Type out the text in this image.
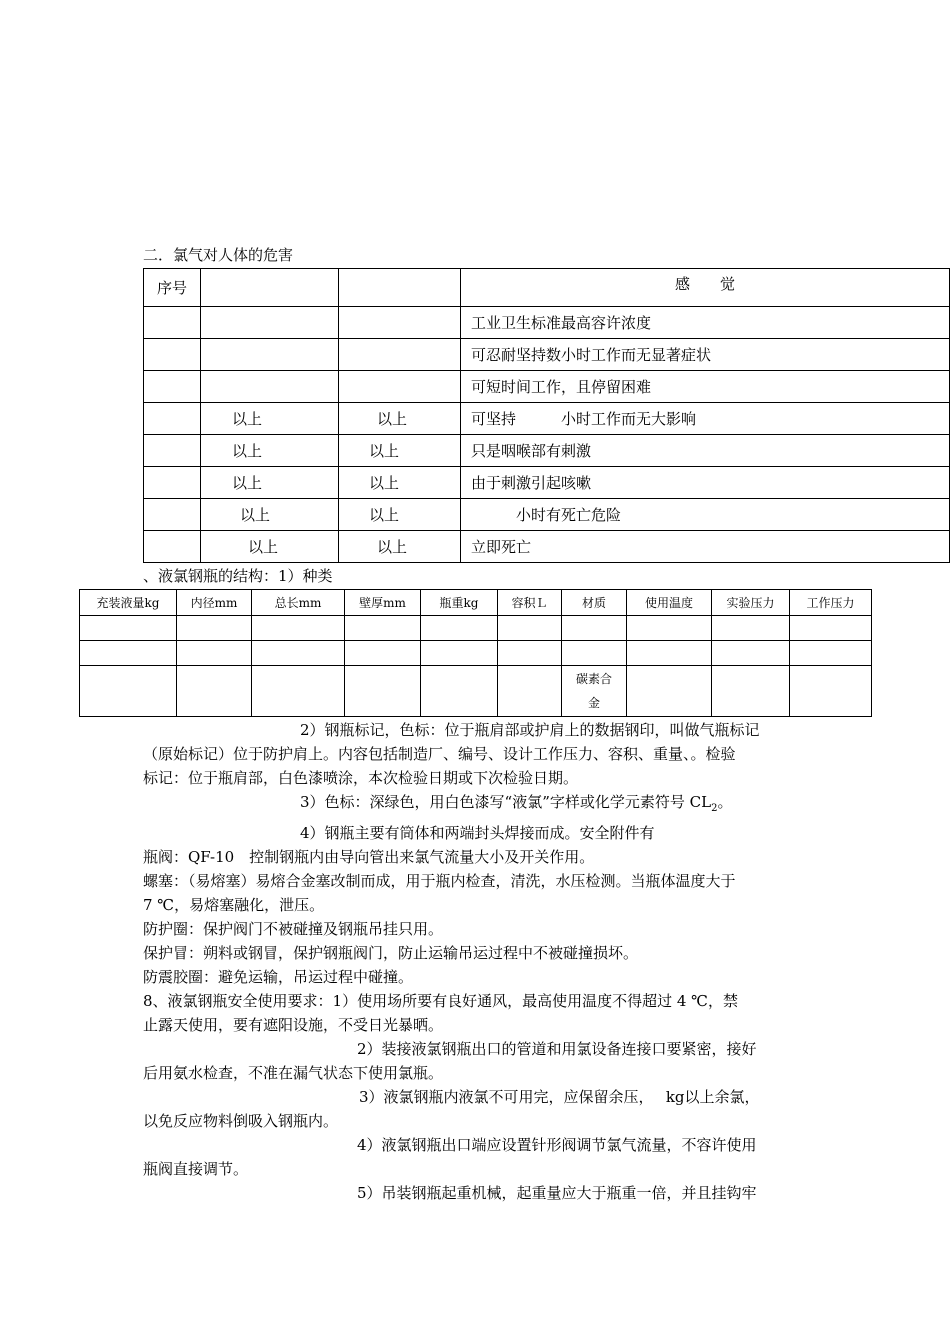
二．氯气对人体的危害
序号			感　　觉
			工业卫生标准最高容许浓度
			可忍耐坚持数小时工作而无显著症状
			可短时间工作，且停留困难
	以上	以上	可坚持　　　小时工作而无大影响
	以上	以上	只是咽喉部有刺激
	以上	以上	由于刺激引起咳嗽
	以上	以上	　　　小时有死亡危险
	以上	以上	立即死亡
、液氯钢瓶的结构：1）种类
充装液量kg	内径mm	总长mm	壁厚mm	瓶重kg	容积Ｌ	材质	使用温度	实验压力	工作压力

						碳素合
金			

2）钢瓶标记，色标：位于瓶肩部或护肩上的数据钢印，叫做气瓶标记
（原始标记）位于防护肩上。内容包括制造厂、编号、设计工作压力、容积、重量、。检验
标记：位于瓶肩部，白色漆喷涂，本次检验日期或下次检验日期。
3）色标：深绿色，用白色漆写“液氯”字样或化学元素符号 $CL_2$。
4）钢瓶主要有筒体和两端封头焊接而成。安全附件有
瓶阀：QF-10　控制钢瓶内由导向管出来氯气流量大小及开关作用。
螺塞：（易熔塞）易熔合金塞改制而成，用于瓶内检查，清洗，水压检测。当瓶体温度大于
7 ℃，易熔塞融化，泄压。
防护圈：保护阀门不被碰撞及钢瓶吊挂只用。
保护冒：朔料或钢冒，保护钢瓶阀门，防止运输吊运过程中不被碰撞损坏。
防震胶圈：避免运输，吊运过程中碰撞。
8、液氯钢瓶安全使用要求：1）使用场所要有良好通风，最高使用温度不得超过 4 ℃，禁
止露天使用，要有遮阳设施，不受日光暴晒。
2）装接液氯钢瓶出口的管道和用氯设备连接口要紧密，接好
后用氨水检查，不准在漏气状态下使用氯瓶。
3）液氯钢瓶内液氯不可用完，应保留余压，　 kg以上余氯，
以免反应物料倒吸入钢瓶内。
4）液氯钢瓶出口端应设置针形阀调节氯气流量，不容许使用
瓶阀直接调节。
5）吊装钢瓶起重机械，起重量应大于瓶重一倍，并且挂钩牢
